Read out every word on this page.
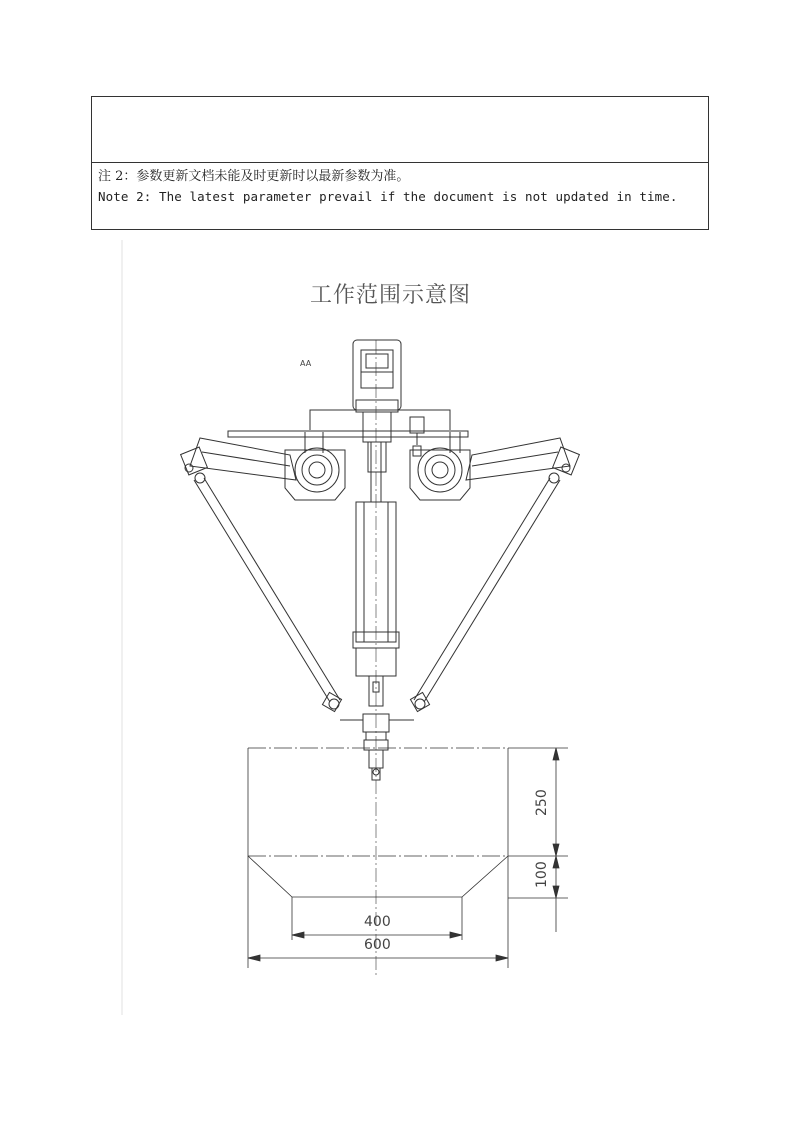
注 2：参数更新文档未能及时更新时以最新参数为准。
Note 2: The latest parameter prevail if the document is not updated in time.
工作范围示意图
AA
250
100
400
600
